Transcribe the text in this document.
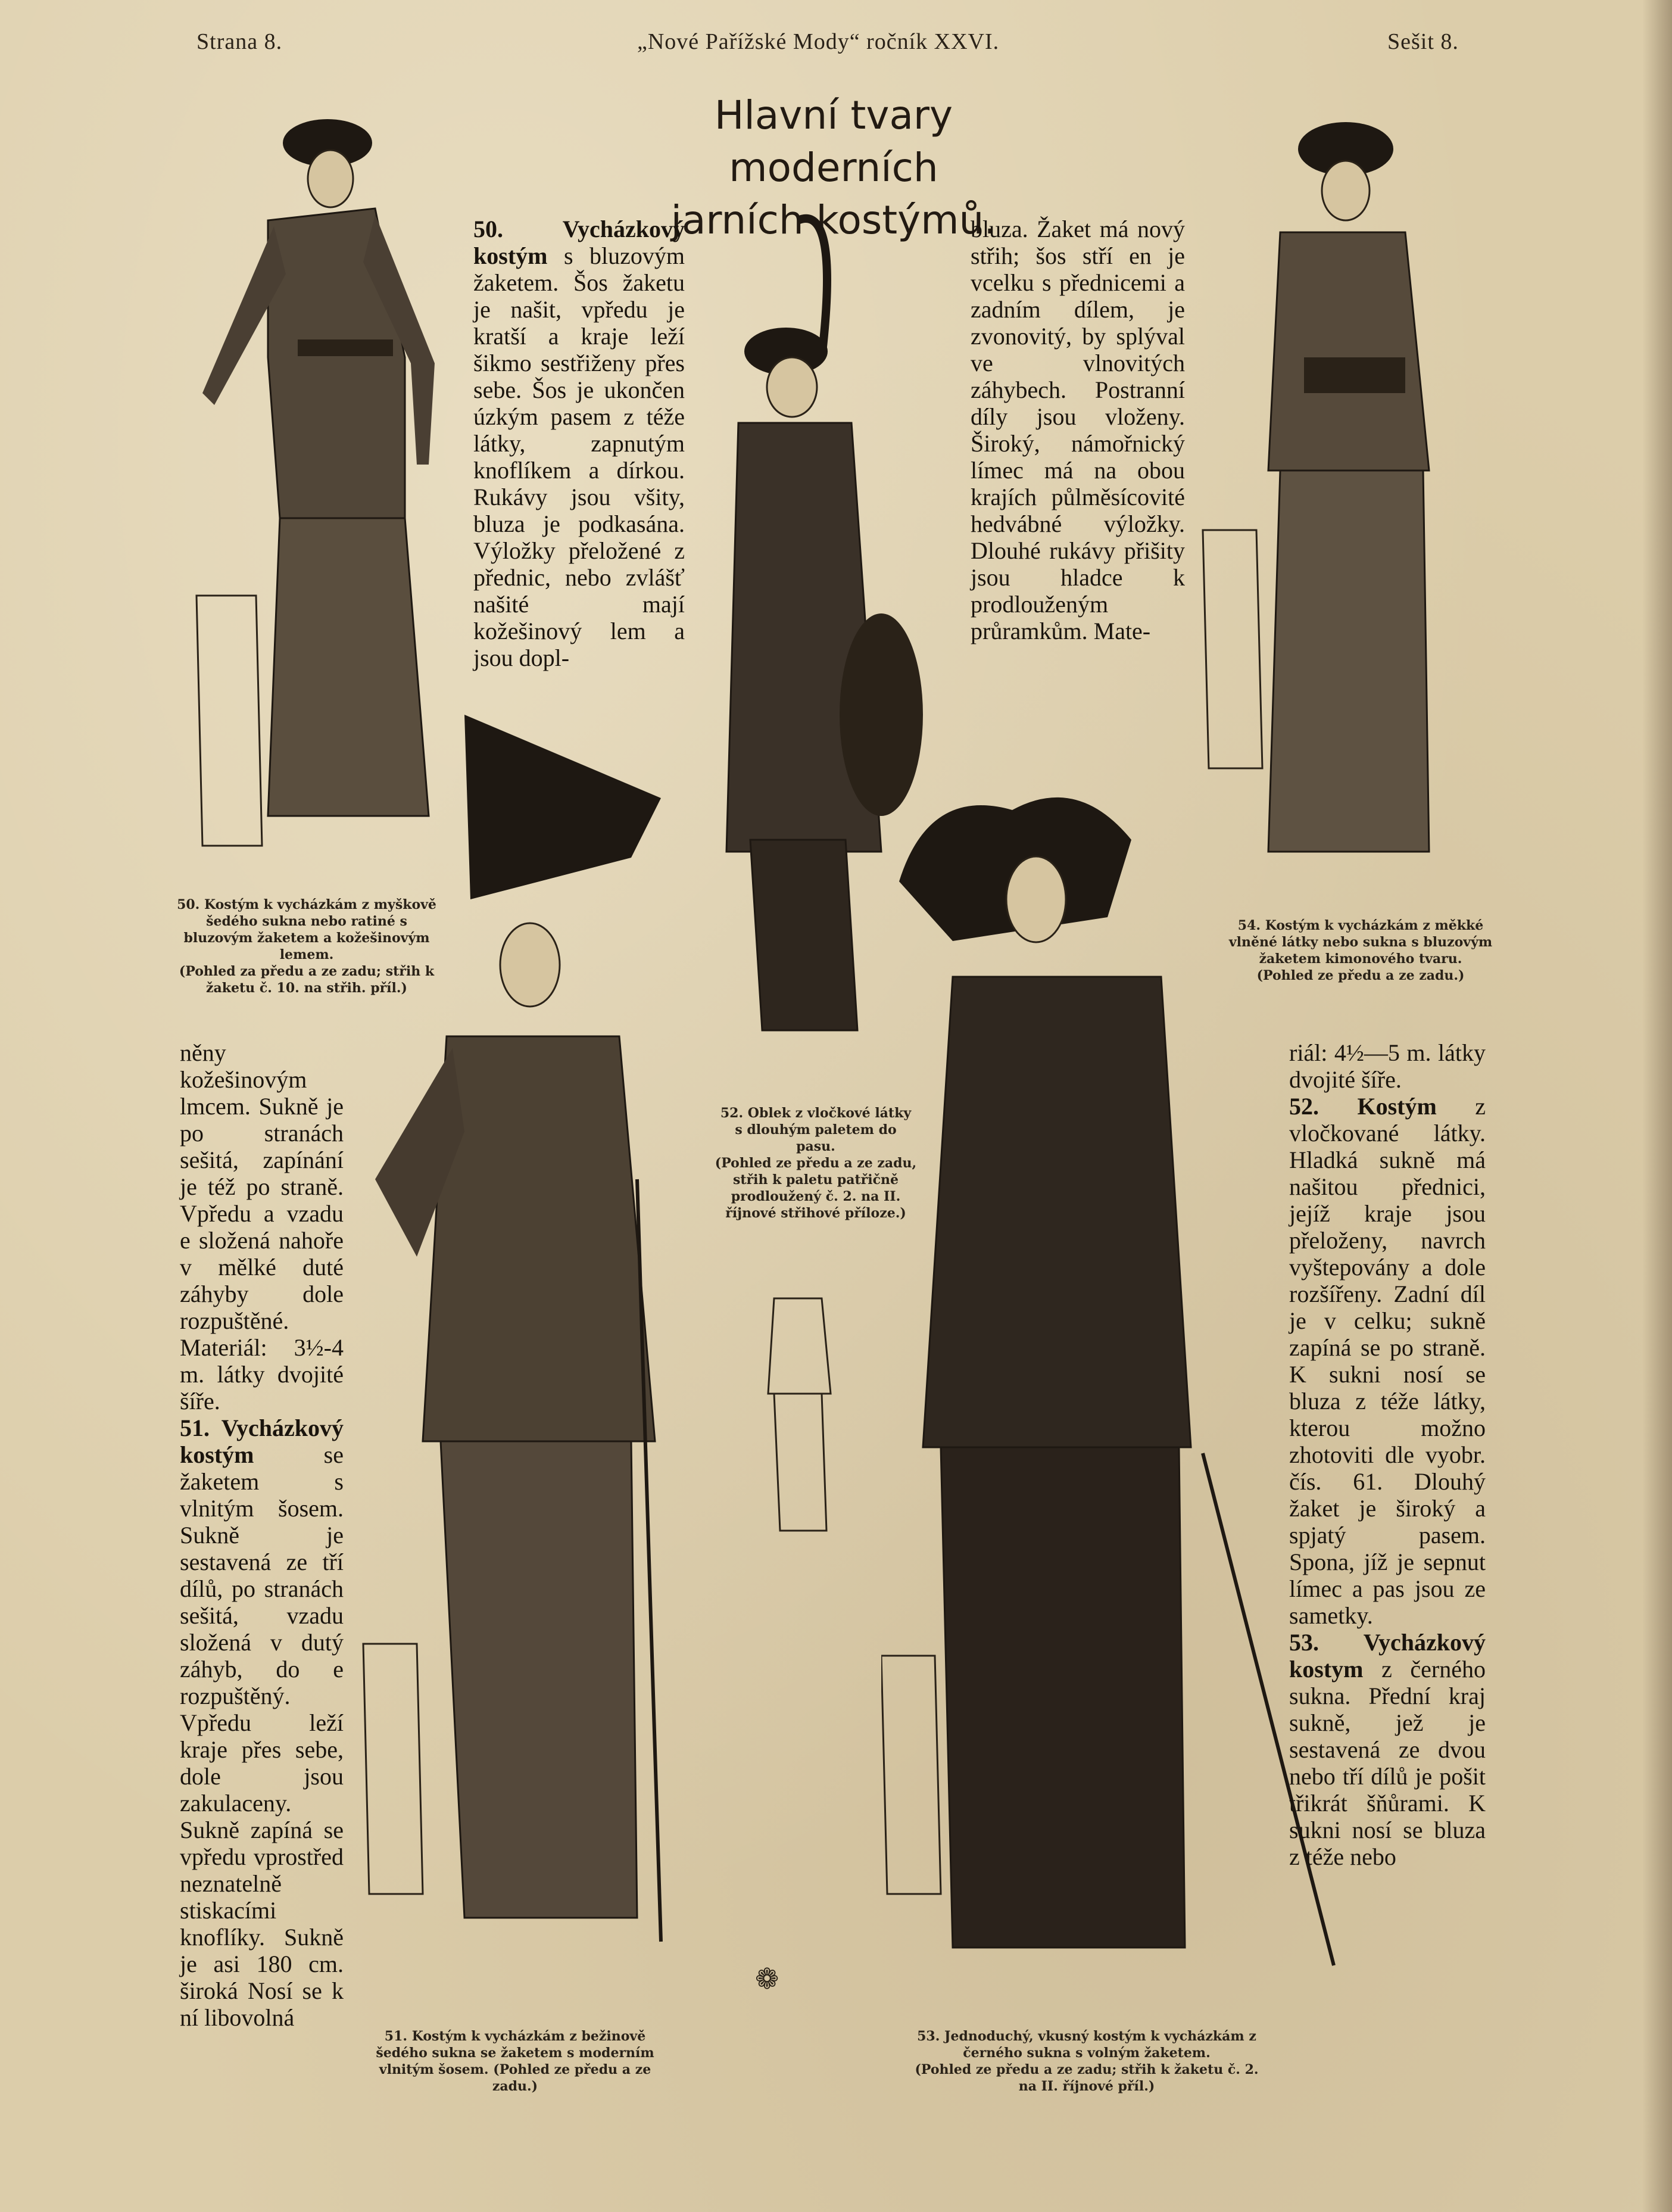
Strana 8.	„Nové Pařížské Mody“ ročník XXVI.	Sešit 8.
Hlavní tvary moderních
jarních kostýmů.

50. Vycházkový kostým s bluzovým žaketem. Šos žaketu je našit, vpředu je kratší a kraje leží šikmo sestřiženy přes sebe. Šos je ukončen úzkým pasem z téže látky, zapnutým knoflíkem a dírkou. Rukávy jsou všity, bluza je podkasána. Výložky přeložené z přednic, nebo zvlášť našité mají kožešinový lem a jsou dopl-

bluza. Žaket má nový střih; šos stří en je vcelku s přednicemi a zadním dílem, je zvonovitý, by splýval ve vlnovitých záhybech. Postranní díly jsou vloženy. Široký, námořnický límec má na obou krajích půlměsícovité hedvábné výložky. Dlouhé rukávy přišity jsou hladce k prodlouženým průramkům. Mate-

50. Kostým k vycházkám z myškově šedého sukna nebo ratiné s bluzovým žaketem a kožešinovým lemem.

(Pohled za předu a ze zadu; střih k žaketu č. 10. na střih. příl.)

52. Oblek z vločkové látky s dlouhým paletem do pasu.

(Pohled ze předu a ze zadu, střih k paletu patřičně prodloužený č. 2. na II. říjnové střihové příloze.)

54. Kostým k vycházkám z měkké vlněné látky nebo sukna s bluzovým žaketem kimonového tvaru.

(Pohled ze předu a ze zadu.)

něny kožešinovým lmcem. Sukně je po stranách sešitá, zapínání je též po straně. Vpředu a vzadu e složená nahoře v mělké duté záhyby dole rozpuštěné. Materiál: 3½-4 m. látky dvojité šíře.

51. Vycházkový kostým	se žaketem s vlnitým šosem. Sukně je sestavená ze tří dílů, po stranách sešitá, vzadu složená v dutý záhyb, do e rozpuštěný. Vpředu leží kraje přes sebe, dole jsou zakulaceny. Sukně zapíná se vpředu vprostřed neznatelně stiskacími knoflíky. Sukně je asi 180 cm. široká Nosí se k ní libovolná

51. Kostým k vycházkám z bežinově šedého sukna se žaketem s moderním vlnitým šosem. (Pohled ze předu a ze zadu.)

❁

53. Jednoduchý, vkusný kostým k vycházkám z černého sukna s volným žaketem.

(Pohled ze předu a ze zadu; střih k žaketu č. 2. na II. říjnové příl.)

riál: 4½—5 m. látky dvojité šíře.

52. Kostým z vločkované látky. Hladká sukně má našitou přednici, jejíž kraje jsou přeloženy, navrch vyštepovány a dole rozšířeny. Zadní díl je v celku; sukně zapíná se po straně. K sukni nosí se bluza z téže látky, kterou možno zhotoviti dle vyobr. čís. 61. Dlouhý žaket je široký a spjatý pasem. Spona, jíž je sepnut límec a pas jsou ze sametky.

53. Vycházkový kostym z černého sukna. Přední kraj sukně, jež je sestavená ze dvou nebo tří dílů je pošit třikrát šňůrami. K sukni nosí se bluza z téže nebo
